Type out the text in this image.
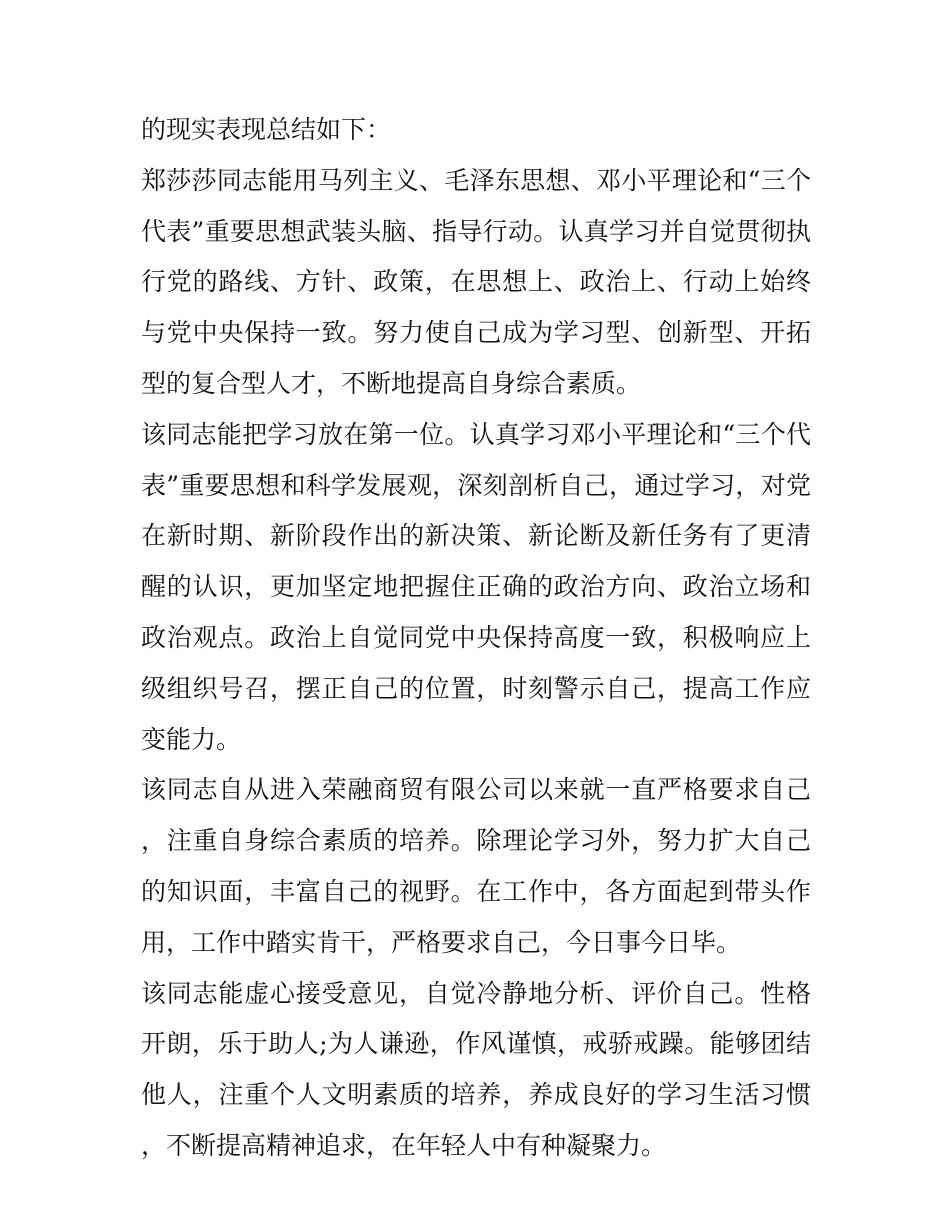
的现实表现总结如下：

郑莎莎同志能用马列主义、毛泽东思想、邓小平理论和“三个代表”重要思想武装头脑、指导行动。认真学习并自觉贯彻执行党的路线、方针、政策，在思想上、政治上、行动上始终与党中央保持一致。努力使自己成为学习型、创新型、开拓型的复合型人才，不断地提高自身综合素质。

该同志能把学习放在第一位。认真学习邓小平理论和“三个代表”重要思想和科学发展观，深刻剖析自己，通过学习，对党在新时期、新阶段作出的新决策、新论断及新任务有了更清醒的认识，更加坚定地把握住正确的政治方向、政治立场和政治观点。政治上自觉同党中央保持高度一致，积极响应上级组织号召，摆正自己的位置，时刻警示自己，提高工作应变能力。

该同志自从进入荣融商贸有限公司以来就一直严格要求自己，注重自身综合素质的培养。除理论学习外，努力扩大自己的知识面，丰富自己的视野。在工作中，各方面起到带头作用，工作中踏实肯干，严格要求自己，今日事今日毕。

该同志能虚心接受意见，自觉冷静地分析、评价自己。性格开朗，乐于助人;为人谦逊，作风谨慎，戒骄戒躁。能够团结他人，注重个人文明素质的培养，养成良好的学习生活习惯，不断提高精神追求，在年轻人中有种凝聚力。
